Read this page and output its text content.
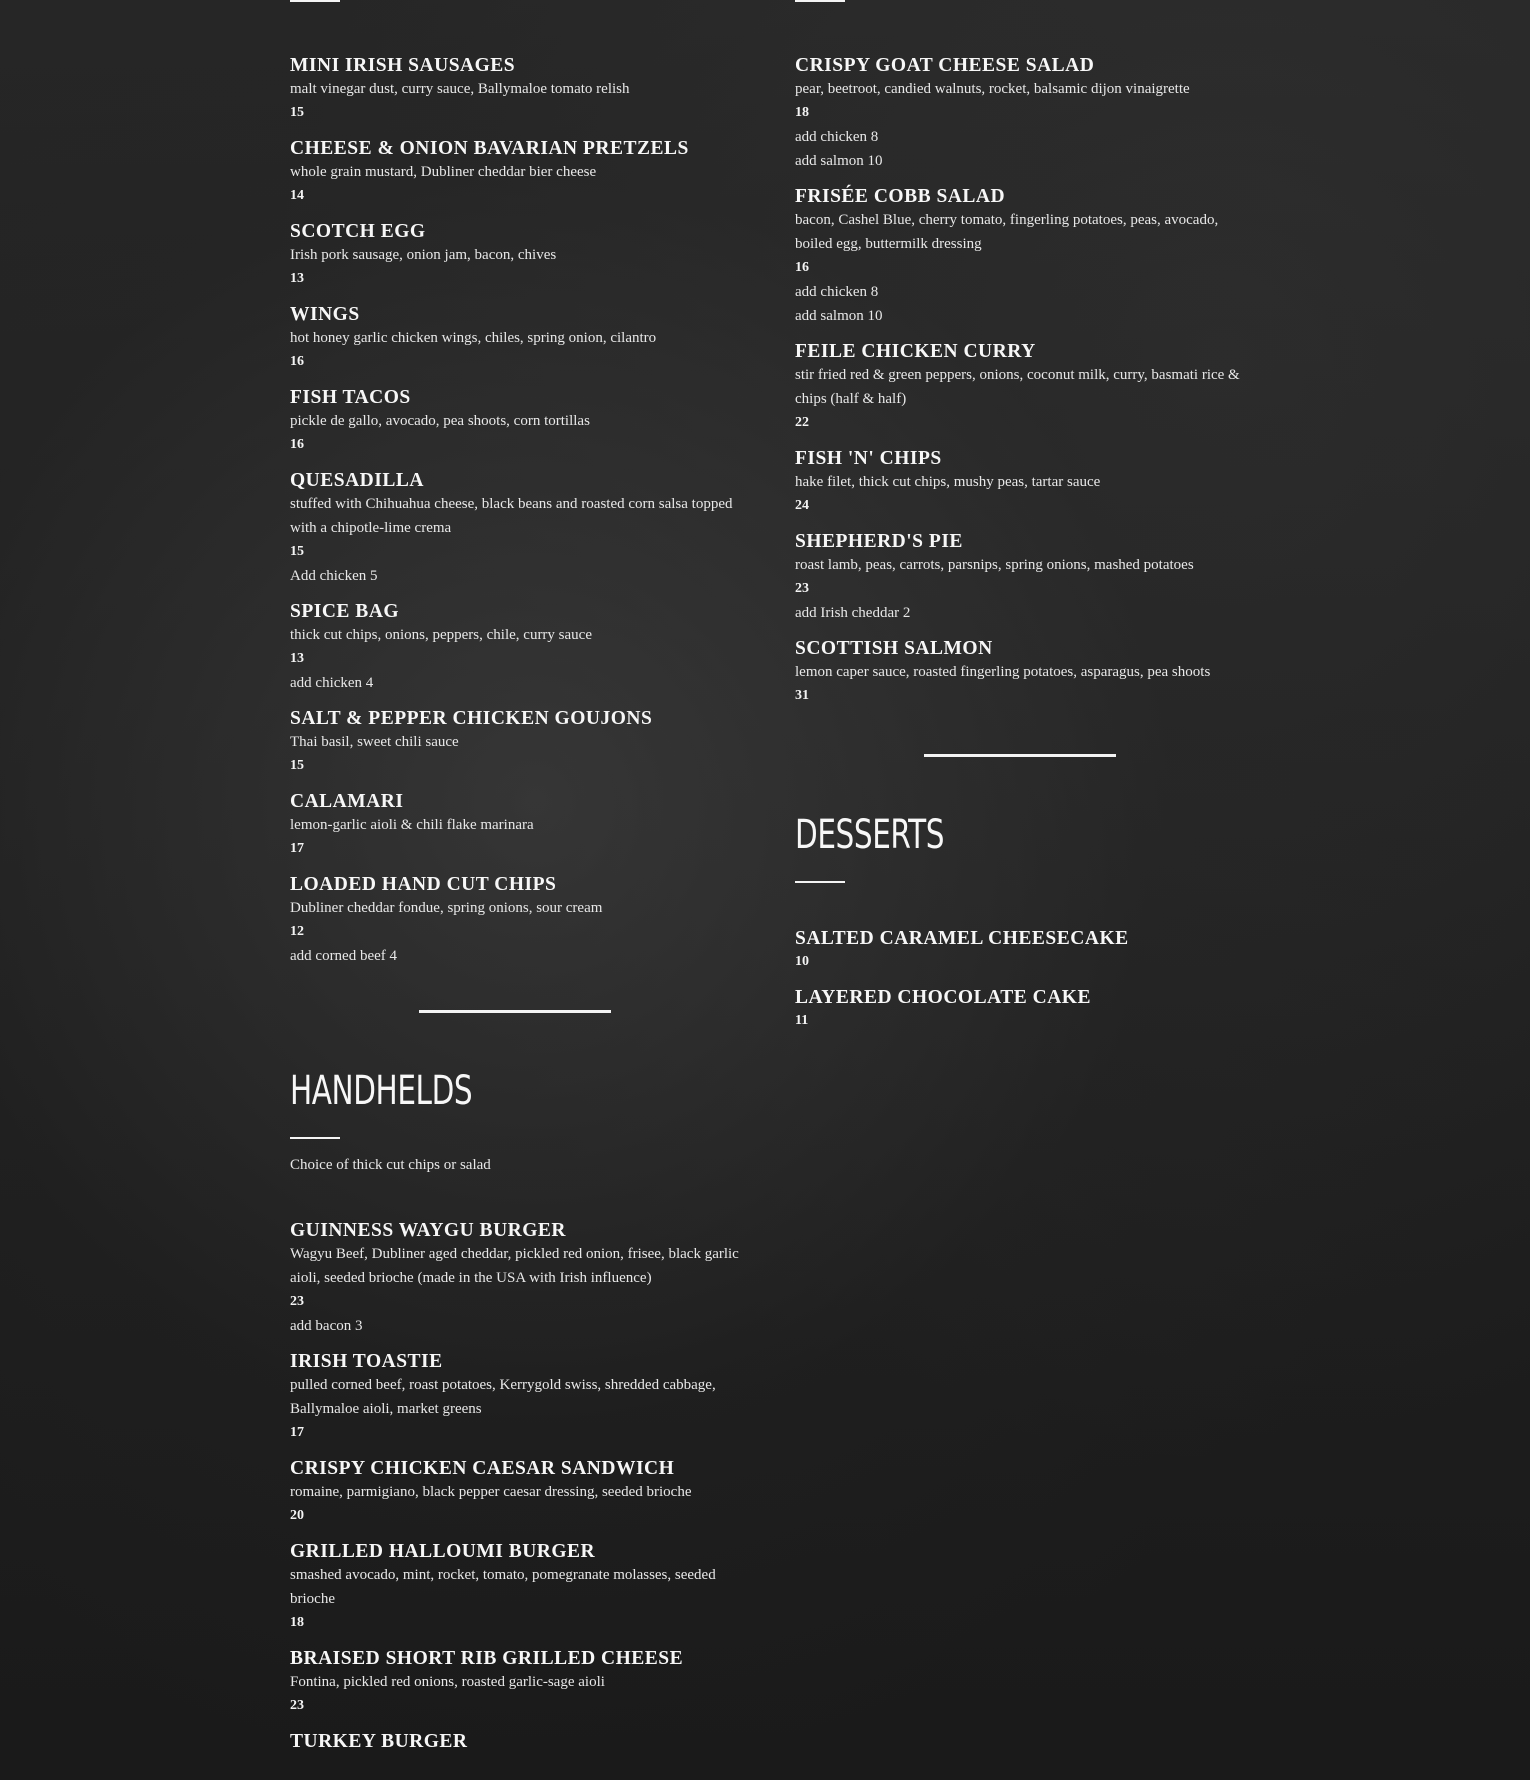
MINI IRISH SAUSAGES
malt vinegar dust, curry sauce, Ballymaloe tomato relish
15
CHEESE & ONION BAVARIAN PRETZELS
whole grain mustard, Dubliner cheddar bier cheese
14
SCOTCH EGG
Irish pork sausage, onion jam, bacon, chives
13
WINGS
hot honey garlic chicken wings, chiles, spring onion, cilantro
16
FISH TACOS
pickle de gallo, avocado, pea shoots, corn tortillas
16
QUESADILLA
stuffed with Chihuahua cheese, black beans and roasted corn salsa topped with a chipotle-lime crema
15
Add chicken 5
SPICE BAG
thick cut chips, onions, peppers, chile, curry sauce
13
add chicken 4
SALT & PEPPER CHICKEN GOUJONS
Thai basil, sweet chili sauce
15
CALAMARI
lemon-garlic aioli & chili flake marinara
17
LOADED HAND CUT CHIPS
Dubliner cheddar fondue, spring onions, sour cream
12
add corned beef 4
HANDHELDS
Choice of thick cut chips or salad
GUINNESS WAYGU BURGER
Wagyu Beef, Dubliner aged cheddar, pickled red onion, frisee, black garlic aioli, seeded brioche (made in the USA with Irish influence)
23
add bacon 3
IRISH TOASTIE
pulled corned beef, roast potatoes, Kerrygold swiss, shredded cabbage, Ballymaloe aioli, market greens
17
CRISPY CHICKEN CAESAR SANDWICH
romaine, parmigiano, black pepper caesar dressing, seeded brioche
20
GRILLED HALLOUMI BURGER
smashed avocado, mint, rocket, tomato, pomegranate molasses, seeded brioche
18
BRAISED SHORT RIB GRILLED CHEESE
Fontina, pickled red onions, roasted garlic-sage aioli
23
TURKEY BURGER
CRISPY GOAT CHEESE SALAD
pear, beetroot, candied walnuts, rocket, balsamic dijon vinaigrette
18
add chicken 8
add salmon 10
FRISÉE COBB SALAD
bacon, Cashel Blue, cherry tomato, fingerling potatoes, peas, avocado, boiled egg, buttermilk dressing
16
add chicken 8
add salmon 10
FEILE CHICKEN CURRY
stir fried red & green peppers, onions, coconut milk, curry, basmati rice & chips (half & half)
22
FISH 'N' CHIPS
hake filet, thick cut chips, mushy peas, tartar sauce
24
SHEPHERD'S PIE
roast lamb, peas, carrots, parsnips, spring onions, mashed potatoes
23
add Irish cheddar 2
SCOTTISH SALMON
lemon caper sauce, roasted fingerling potatoes, asparagus, pea shoots
31
DESSERTS
SALTED CARAMEL CHEESECAKE
10
LAYERED CHOCOLATE CAKE
11
